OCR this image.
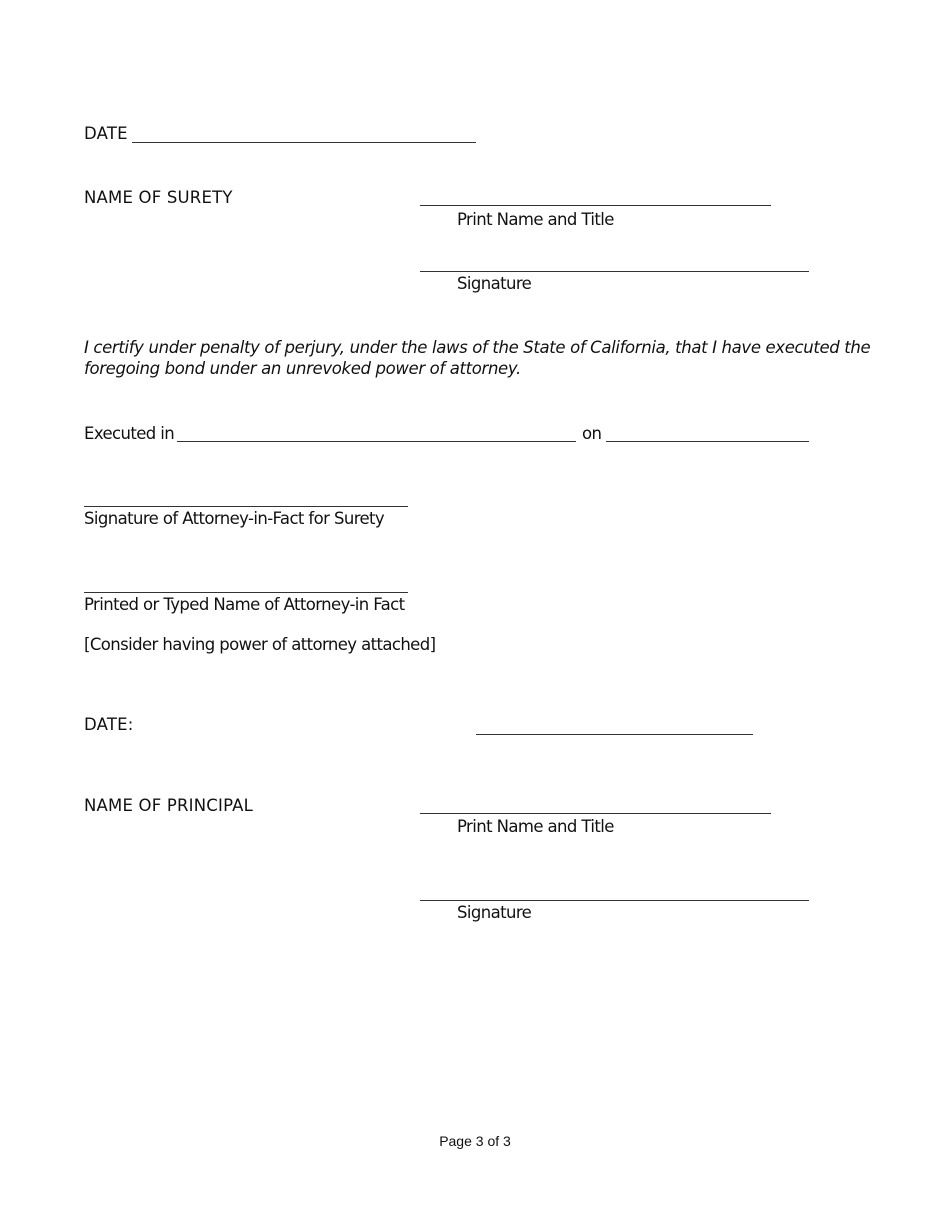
DATE
NAME OF SURETY
Print Name and Title
Signature
I certify under penalty of perjury, under the laws of the State of California, that I have executed the
foregoing bond under an unrevoked power of attorney.
Executed in	on
Signature of Attorney-in-Fact for Surety
Printed or Typed Name of Attorney-in Fact
[Consider having power of attorney attached]
DATE:
NAME OF PRINCIPAL
Print Name and Title
Signature
Page 3 of 3
